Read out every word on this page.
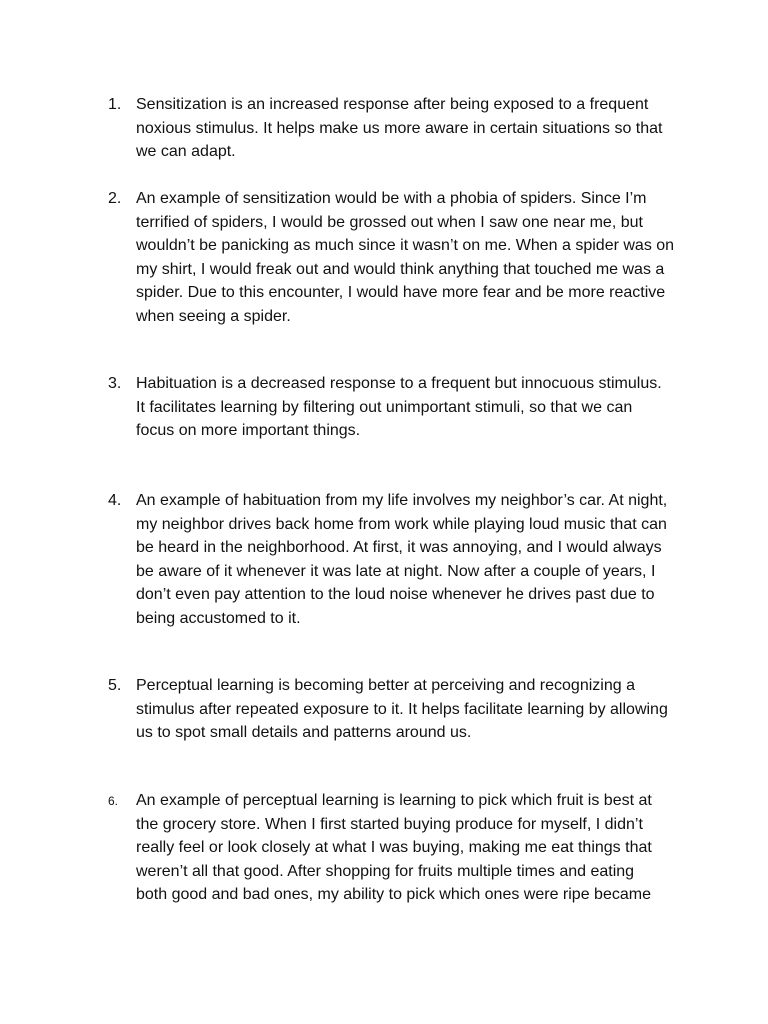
1. Sensitization is an increased response after being exposed to a frequent
noxious stimulus. It helps make us more aware in certain situations so that
we can adapt.
2. An example of sensitization would be with a phobia of spiders. Since I’m
terrified of spiders, I would be grossed out when I saw one near me, but
wouldn’t be panicking as much since it wasn’t on me. When a spider was on
my shirt, I would freak out and would think anything that touched me was a
spider. Due to this encounter, I would have more fear and be more reactive
when seeing a spider.
3. Habituation is a decreased response to a frequent but innocuous stimulus.
It facilitates learning by filtering out unimportant stimuli, so that we can
focus on more important things.
4. An example of habituation from my life involves my neighbor’s car. At night,
my neighbor drives back home from work while playing loud music that can
be heard in the neighborhood. At first, it was annoying, and I would always
be aware of it whenever it was late at night. Now after a couple of years, I
don’t even pay attention to the loud noise whenever he drives past due to
being accustomed to it.
5. Perceptual learning is becoming better at perceiving and recognizing a
stimulus after repeated exposure to it. It helps facilitate learning by allowing
us to spot small details and patterns around us.
6.	An example of perceptual learning is learning to pick which fruit is best at
the grocery store. When I first started buying produce for myself, I didn’t
really feel or look closely at what I was buying, making me eat things that
weren’t all that good. After shopping for fruits multiple times and eating
both good and bad ones, my ability to pick which ones were ripe became
